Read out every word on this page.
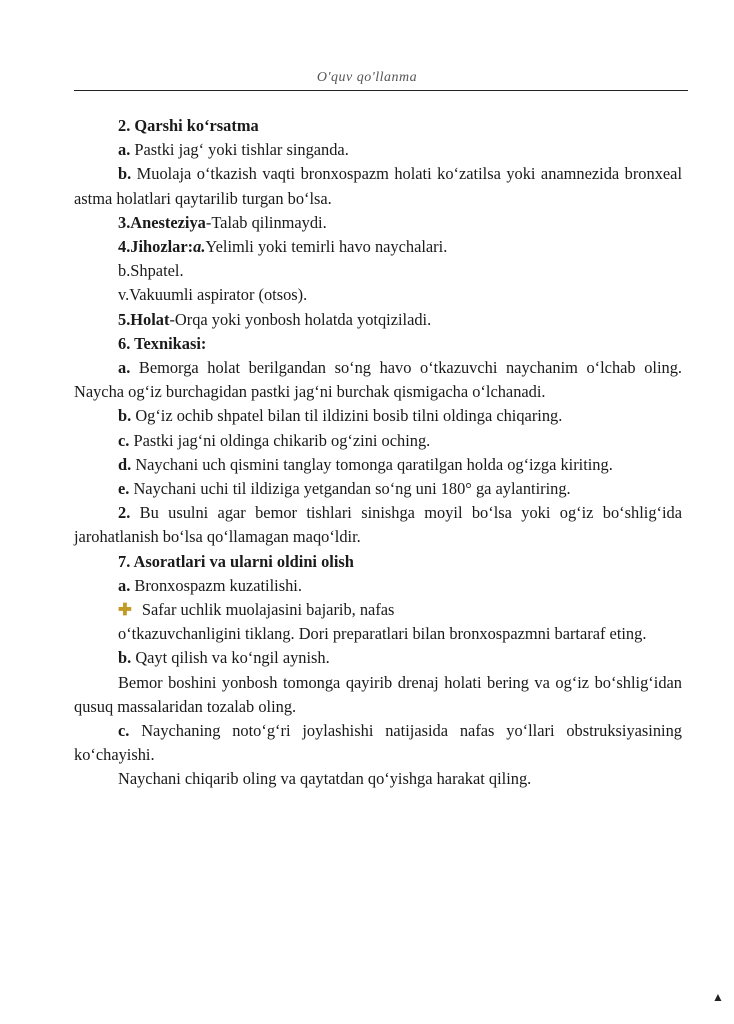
O'quv qo'llanma

2. Qarshi ko‘rsatma

a. Pastki jag‘ yoki tishlar singanda.

b. Muolaja o‘tkazish vaqti bronxospazm holati ko‘zatilsa yoki anamnezida bronxeal astma holatlari qaytarilib turgan bo‘lsa.

3.Anesteziya-Talab qilinmaydi.

4.Jihozlar:a.Yelimli yoki temirli havo naychalari.

b.Shpatel.

v.Vakuumli aspirator (otsos).

5.Holat-Orqa yoki yonbosh holatda yotqiziladi.

6. Texnikasi:

a. Bemorga holat berilgandan so‘ng havo o‘tkazuvchi naychanim o‘lchab oling. Naycha og‘iz burchagidan pastki jag‘ni burchak qismigacha o‘lchanadi.

b. Og‘iz ochib shpatel bilan til ildizini bosib tilni oldinga chiqaring.

c. Pastki jag‘ni oldinga chikarib og‘zini oching.

d. Naychani uch qismini tanglay tomonga qaratilgan holda og‘izga kiriting.

e. Naychani uchi til ildiziga yetgandan so‘ng uni 180° ga aylantiring.

2. Bu usulni agar bemor tishlari sinishga moyil bo‘lsa yoki og‘iz bo‘shlig‘ida jarohatlanish bo‘lsa qo‘llamagan maqo‘ldir.

7. Asoratlari va ularni oldini olish

a. Bronxospazm kuzatilishi.

✚ Safar uchlik muolajasini bajarib, nafas

o‘tkazuvchanligini tiklang. Dori preparatlari bilan bronxospazmni bartaraf eting.

b. Qayt qilish va ko‘ngil aynish.

Bemor boshini yonbosh tomonga qayirib drenaj holati bering va og‘iz bo‘shlig‘idan qusuq massalaridan tozalab oling.

c. Naychaning noto‘g‘ri joylashishi natijasida nafas yo‘llari obstruksiyasining ko‘chayishi.

Naychani chiqarib oling va qaytatdan qo‘yishga harakat qiling.

▲
